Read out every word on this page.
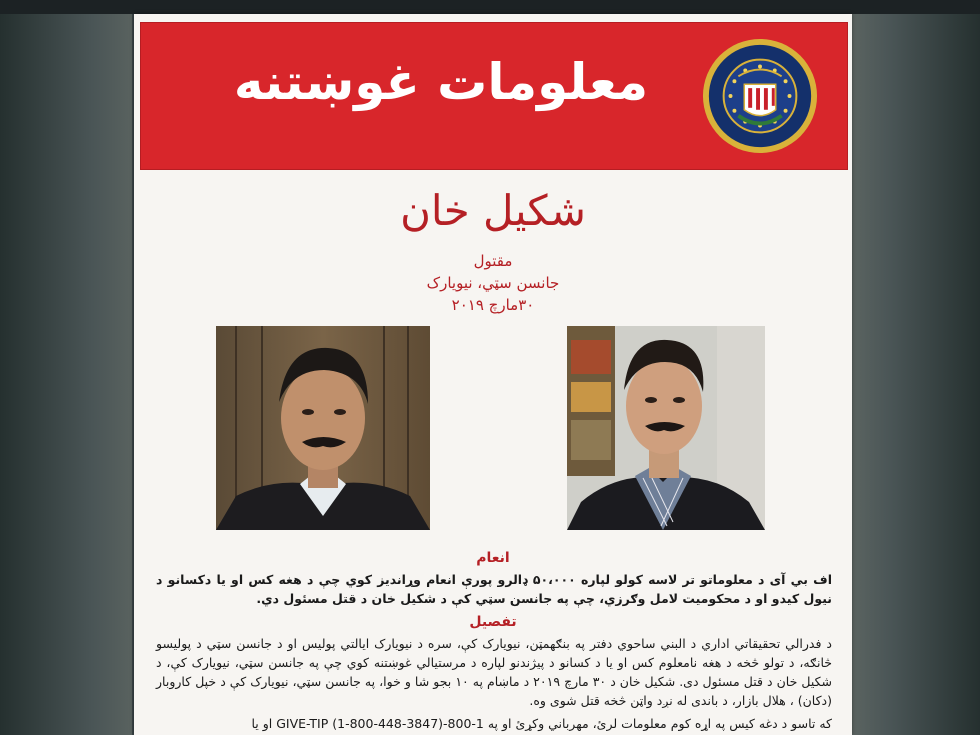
معلومات غوښتنه
شکيل خان
مقتول
جانسن سټي، نيويارک
۳۰مارچ ۲۰۱۹
انعام
اف بي آی د معلوماتو تر لاسه کولو لپاره ۵۰،۰۰۰ ډالرو پورې انعام وړانديز کوي چې د هغه کس او يا دکسانو د نيول کيدو او د محکوميت لامل وګرزي، چې په جانسن سټي کې د شکيل خان د قتل مسئول دي.
تفصيل
د فدرالي تحقيقاتي اداري د البني ساحوي دفتر په بنګهمټن، نيويارک کې، سره د نيويارک ايالتي پوليس او د جانسن سټي د پوليسو څانګه، د تولو څخه د هغه نامعلوم کس او يا د کسانو د پيژندنو لپاره د مرستيالي غوښتنه کوي چې په جانسن سټي، نيويارک کې، د شکيل خان د قتل مسئول دی. شکيل خان د ۳۰ مارچ ۲۰۱۹ د ماښام په ۱۰ بجو شا و خوا، په جانسن سټي، نيويارک کې د خپل کاروبار (دکان) ، هلال بازار، د باندی له نږد واټن څخه قتل شوی وه.
که تاسو د دغه کيس په اړه کوم معلومات لرئ، مهرباني وکړئ او په 1-800-GIVE-TIP (1-800-448-3847) او يا
